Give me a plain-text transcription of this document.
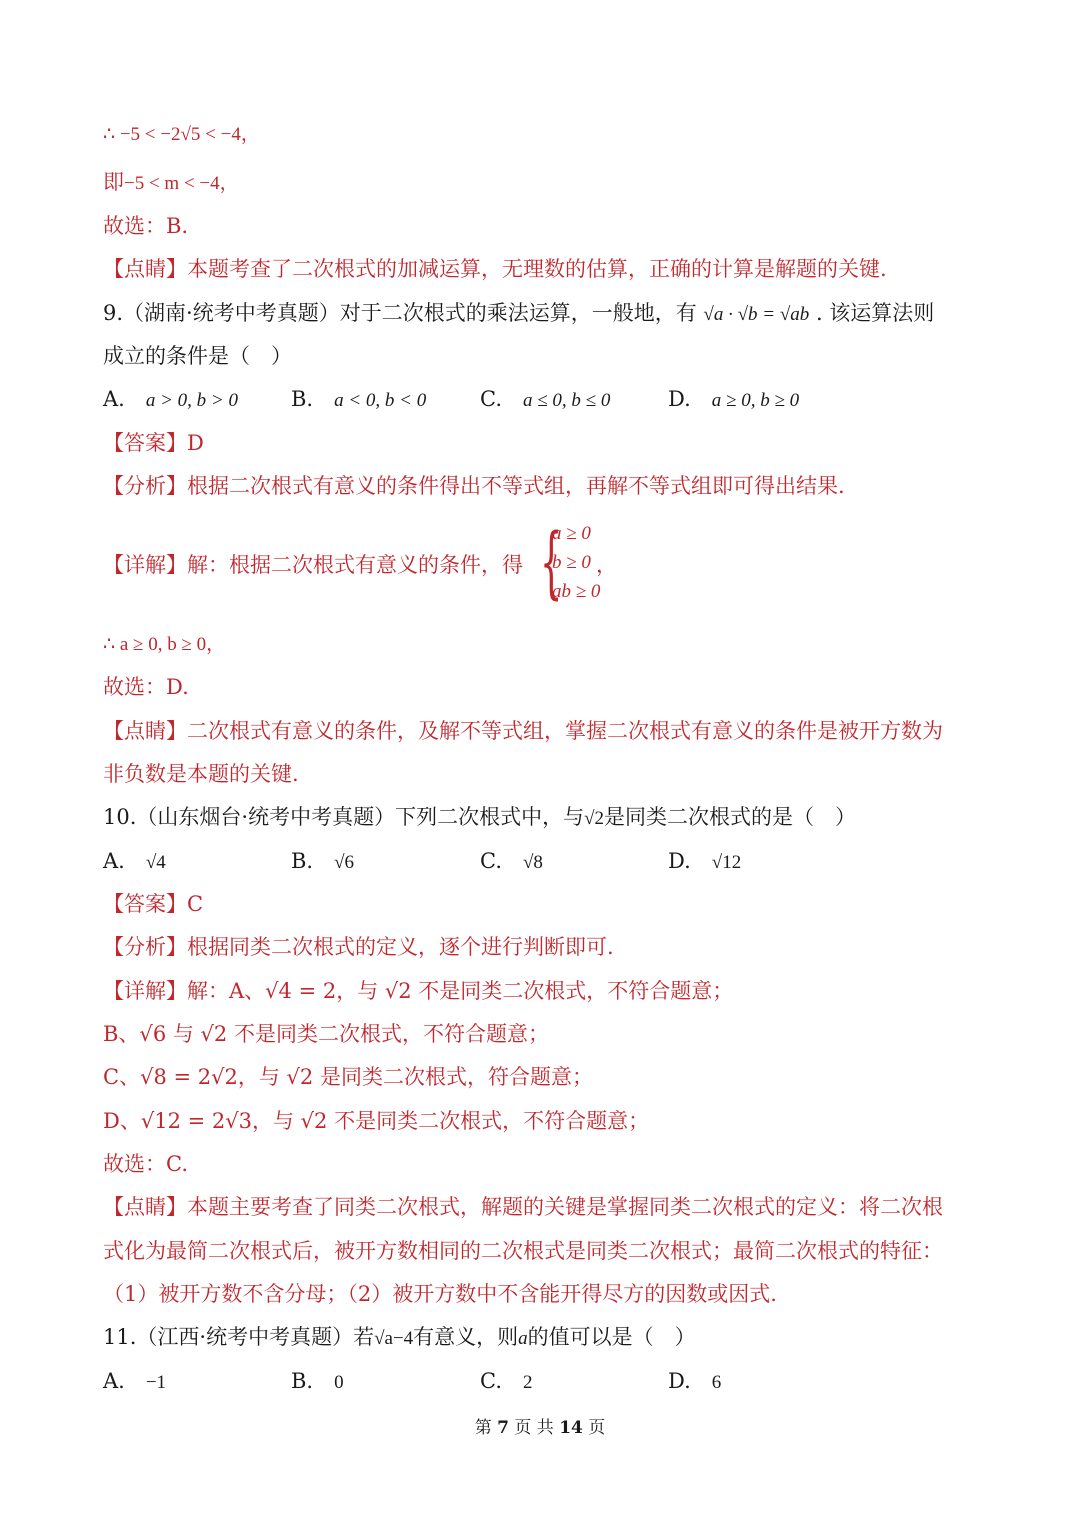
∴ −5 < −2√5 < −4，
即−5 < m < −4，
故选：B.
【点睛】本题考查了二次根式的加减运算，无理数的估算，正确的计算是解题的关键.
9.（湖南·统考中考真题）对于二次根式的乘法运算，一般地，有 √a · √b = √ab . 该运算法则
成立的条件是（　）
A.　 a > 0, b > 0	B.　 a < 0, b < 0	C.　 a ≤ 0, b ≤ 0	D.　 a ≥ 0, b ≥ 0
【答案】D
【分析】根据二次根式有意义的条件得出不等式组，再解不等式组即可得出结果.
【详解】解：根据二次根式有意义的条件，得 {
a ≥ 0
b ≥ 0
ab ≥ 0
，
∴ a ≥ 0, b ≥ 0，
故选：D.
【点睛】二次根式有意义的条件，及解不等式组，掌握二次根式有意义的条件是被开方数为
非负数是本题的关键.
10.（山东烟台·统考中考真题）下列二次根式中，与√2是同类二次根式的是（　）
A.　 √4	B.　 √6	C.　 √8	D.　 √12
【答案】C
【分析】根据同类二次根式的定义，逐个进行判断即可.
【详解】解：A、√4 = 2，与 √2 不是同类二次根式，不符合题意；
B、√6 与 √2 不是同类二次根式，不符合题意；
C、√8 = 2√2，与 √2 是同类二次根式，符合题意；
D、√12 = 2√3，与 √2 不是同类二次根式，不符合题意；
故选：C.
【点睛】本题主要考查了同类二次根式，解题的关键是掌握同类二次根式的定义：将二次根
式化为最简二次根式后，被开方数相同的二次根式是同类二次根式；最简二次根式的特征：
（1）被开方数不含分母；（2）被开方数中不含能开得尽方的因数或因式.
11.（江西·统考中考真题）若√a−4有意义，则a的值可以是（　）
A.　 −1	B.　 0	C.　 2	D.　 6
第 7 页 共 14 页
